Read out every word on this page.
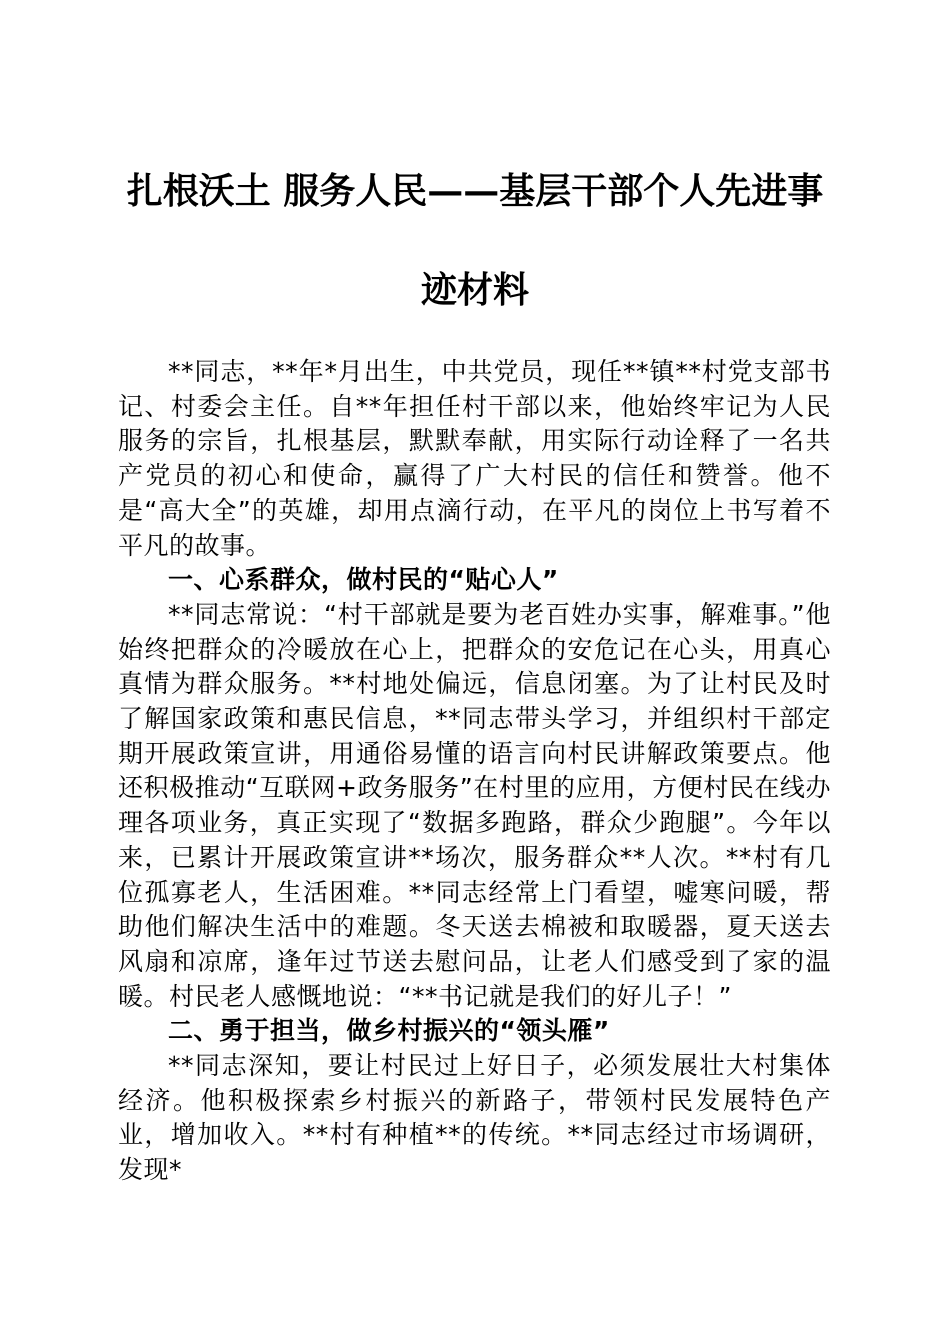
扎根沃土 服务人民——基层干部个人先进事
迹材料

**同志，**年*月出生，中共党员，现任**镇**村党支部书记、村委会主任。自**年担任村干部以来，他始终牢记为人民服务的宗旨，扎根基层，默默奉献，用实际行动诠释了一名共产党员的初心和使命，赢得了广大村民的信任和赞誉。他不是“高大全”的英雄，却用点滴行动，在平凡的岗位上书写着不平凡的故事。

一、心系群众，做村民的“贴心人”

**同志常说：“村干部就是要为老百姓办实事，解难事。”他始终把群众的冷暖放在心上，把群众的安危记在心头，用真心真情为群众服务。**村地处偏远，信息闭塞。为了让村民及时了解国家政策和惠民信息，**同志带头学习，并组织村干部定期开展政策宣讲，用通俗易懂的语言向村民讲解政策要点。他还积极推动“互联网+政务服务”在村里的应用，方便村民在线办理各项业务，真正实现了“数据多跑路，群众少跑腿”。今年以来，已累计开展政策宣讲**场次，服务群众**人次。**村有几位孤寡老人，生活困难。**同志经常上门看望，嘘寒问暖，帮助他们解决生活中的难题。冬天送去棉被和取暖器，夏天送去风扇和凉席，逢年过节送去慰问品，让老人们感受到了家的温暖。村民老人感慨地说：“**书记就是我们的好儿子！”

二、勇于担当，做乡村振兴的“领头雁”

**同志深知，要让村民过上好日子，必须发展壮大村集体经济。他积极探索乡村振兴的新路子，带领村民发展特色产业，增加收入。**村有种植**的传统。**同志经过市场调研，发现*
